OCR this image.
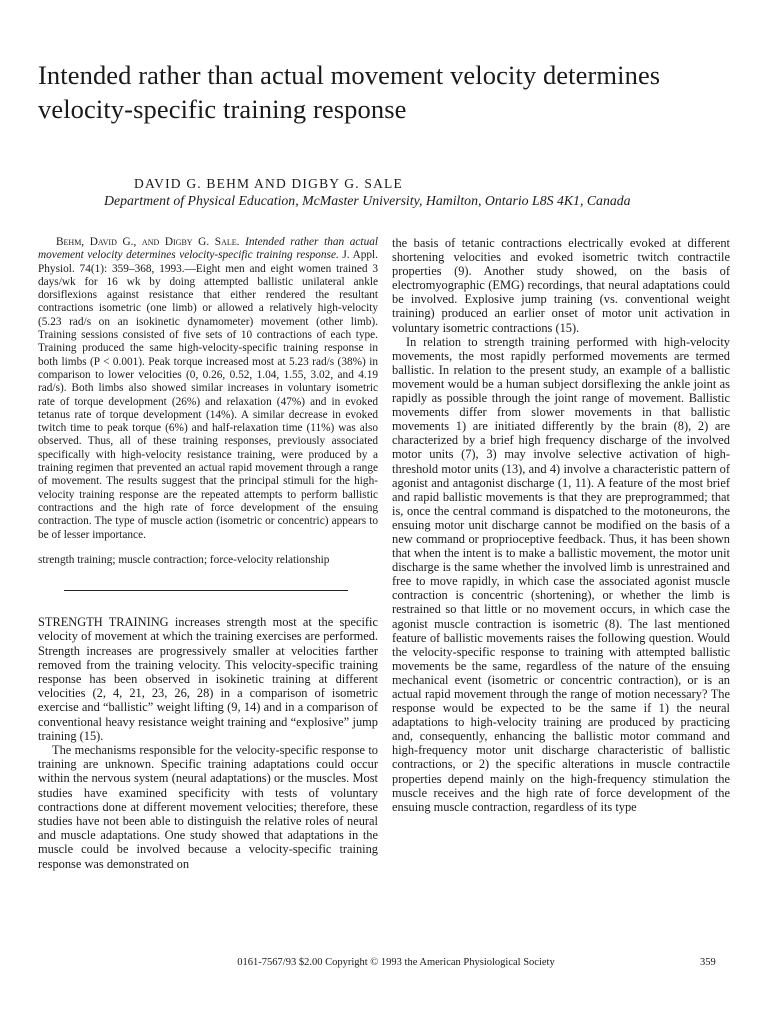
Intended rather than actual movement velocity determines velocity-specific training response

DAVID G. BEHM AND DIGBY G. SALE

Department of Physical Education, McMaster University, Hamilton, Ontario L8S 4K1, Canada

Behm, David G., and Digby G. Sale. Intended rather than actual movement velocity determines velocity-specific training response. J. Appl. Physiol. 74(1): 359–368, 1993.—Eight men and eight women trained 3 days/wk for 16 wk by doing attempted ballistic unilateral ankle dorsiflexions against resistance that either rendered the resultant contractions isometric (one limb) or allowed a relatively high-velocity (5.23 rad/s on an isokinetic dynamometer) movement (other limb). Training sessions consisted of five sets of 10 contractions of each type. Training produced the same high-velocity-specific training response in both limbs (P < 0.001). Peak torque increased most at 5.23 rad/s (38%) in comparison to lower velocities (0, 0.26, 0.52, 1.04, 1.55, 3.02, and 4.19 rad/s). Both limbs also showed similar increases in voluntary isometric rate of torque development (26%) and relaxation (47%) and in evoked tetanus rate of torque development (14%). A similar decrease in evoked twitch time to peak torque (6%) and half-relaxation time (11%) was also observed. Thus, all of these training responses, previously associated specifically with high-velocity resistance training, were produced by a training regimen that prevented an actual rapid movement through a range of movement. The results suggest that the principal stimuli for the high-velocity training response are the repeated attempts to perform ballistic contractions and the high rate of force development of the ensuing contraction. The type of muscle action (isometric or concentric) appears to be of lesser importance.

strength training; muscle contraction; force-velocity relationship

STRENGTH TRAINING increases strength most at the specific velocity of movement at which the training exercises are performed. Strength increases are progressively smaller at velocities farther removed from the training velocity. This velocity-specific training response has been observed in isokinetic training at different velocities (2, 4, 21, 23, 26, 28) in a comparison of isometric exercise and “ballistic” weight lifting (9, 14) and in a comparison of conventional heavy resistance weight training and “explosive” jump training (15).

The mechanisms responsible for the velocity-specific response to training are unknown. Specific training adaptations could occur within the nervous system (neural adaptations) or the muscles. Most studies have examined specificity with tests of voluntary contractions done at different movement velocities; therefore, these studies have not been able to distinguish the relative roles of neural and muscle adaptations. One study showed that adaptations in the muscle could be involved because a velocity-specific training response was demonstrated on

the basis of tetanic contractions electrically evoked at different shortening velocities and evoked isometric twitch contractile properties (9). Another study showed, on the basis of electromyographic (EMG) recordings, that neural adaptations could be involved. Explosive jump training (vs. conventional weight training) produced an earlier onset of motor unit activation in voluntary isometric contractions (15).

In relation to strength training performed with high-velocity movements, the most rapidly performed movements are termed ballistic. In relation to the present study, an example of a ballistic movement would be a human subject dorsiflexing the ankle joint as rapidly as possible through the joint range of movement. Ballistic movements differ from slower movements in that ballistic movements 1) are initiated differently by the brain (8), 2) are characterized by a brief high frequency discharge of the involved motor units (7), 3) may involve selective activation of high-threshold motor units (13), and 4) involve a characteristic pattern of agonist and antagonist discharge (1, 11). A feature of the most brief and rapid ballistic movements is that they are preprogrammed; that is, once the central command is dispatched to the motoneurons, the ensuing motor unit discharge cannot be modified on the basis of a new command or proprioceptive feedback. Thus, it has been shown that when the intent is to make a ballistic movement, the motor unit discharge is the same whether the involved limb is unrestrained and free to move rapidly, in which case the associated agonist muscle contraction is concentric (shortening), or whether the limb is restrained so that little or no movement occurs, in which case the agonist muscle contraction is isometric (8). The last mentioned feature of ballistic movements raises the following question. Would the velocity-specific response to training with attempted ballistic movements be the same, regardless of the nature of the ensuing mechanical event (isometric or concentric contraction), or is an actual rapid movement through the range of motion necessary? The response would be expected to be the same if 1) the neural adaptations to high-velocity training are produced by practicing and, consequently, enhancing the ballistic motor command and high-frequency motor unit discharge characteristic of ballistic contractions, or 2) the specific alterations in muscle contractile properties depend mainly on the high-frequency stimulation the muscle receives and the high rate of force development of the ensuing muscle contraction, regardless of its type

0161-7567/93 $2.00 Copyright © 1993 the American Physiological Society	359
